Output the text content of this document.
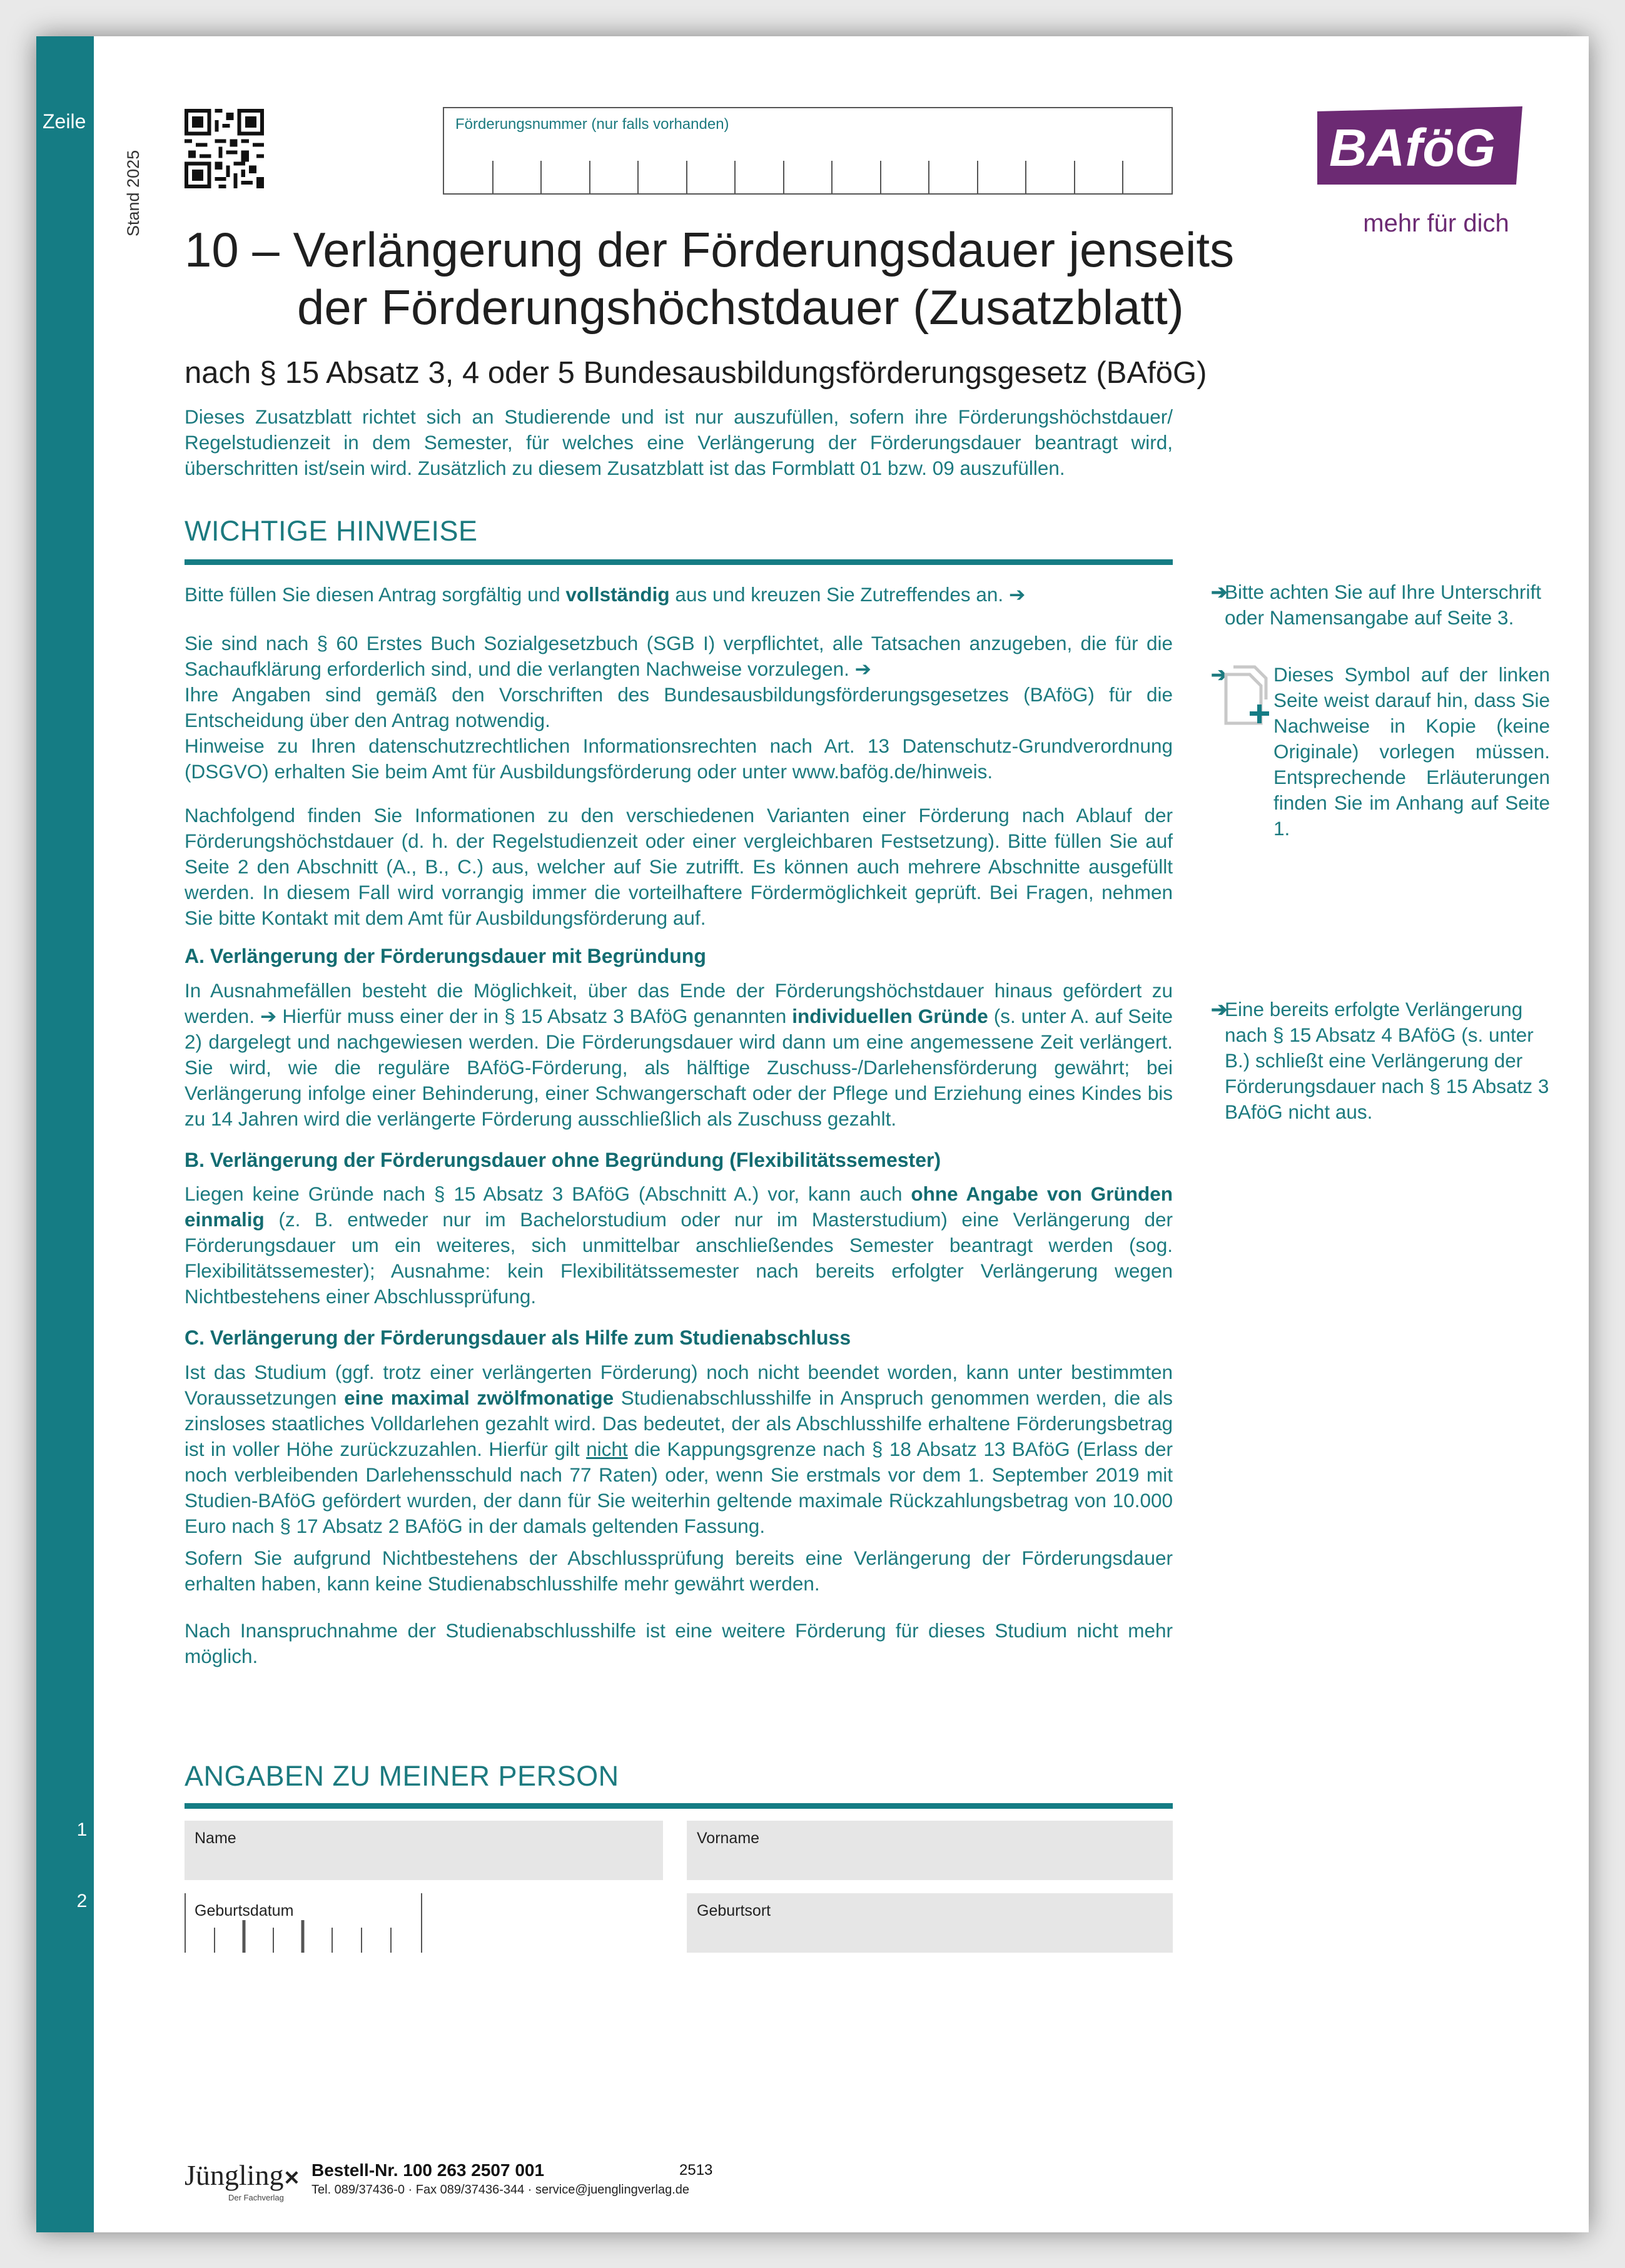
Zeile
1
2
Stand 2025
Förderungsnummer (nur falls vorhanden)	BAföG
mehr für dich
10 – Verlängerung der Förderungsdauer jenseits
der Förderungshöchstdauer (Zusatzblatt)
nach § 15 Absatz 3, 4 oder 5 Bundesausbildungsförderungsgesetz (BAföG)
Dieses Zusatzblatt richtet sich an Studierende und ist nur auszufüllen, sofern ihre Förderungshöchstdauer/ Regelstudienzeit in dem Semester, für welches eine Verlängerung der Förderungsdauer beantragt wird, überschritten ist/sein wird. Zusätzlich zu diesem Zusatzblatt ist das Formblatt 01 bzw. 09 auszufüllen.
WICHTIGE HINWEISE
Bitte füllen Sie diesen Antrag sorgfältig und vollständig aus und kreuzen Sie Zutreffendes an. ➔
Sie sind nach § 60 Erstes Buch Sozialgesetzbuch (SGB I) verpflichtet, alle Tatsachen anzugeben, die für die Sachaufklärung erforderlich sind, und die verlangten Nachweise vorzulegen. ➔
Ihre Angaben sind gemäß den Vorschriften des Bundesausbildungsförderungsgesetzes (BAföG) für die Entscheidung über den Antrag notwendig.
Hinweise zu Ihren datenschutzrechtlichen Informationsrechten nach Art. 13 Datenschutz-Grundverordnung (DSGVO) erhalten Sie beim Amt für Ausbildungsförderung oder unter www.bafög.de/hinweis.
Nachfolgend finden Sie Informationen zu den verschiedenen Varianten einer Förderung nach Ablauf der Förderungshöchstdauer (d. h. der Regelstudienzeit oder einer vergleichbaren Festsetzung). Bitte füllen Sie auf Seite 2 den Abschnitt (A., B., C.) aus, welcher auf Sie zutrifft. Es können auch mehrere Abschnitte ausgefüllt werden. In diesem Fall wird vorrangig immer die vorteilhaftere Fördermöglichkeit geprüft. Bei Fragen, nehmen Sie bitte Kontakt mit dem Amt für Ausbildungsförderung auf.
A. Verlängerung der Förderungsdauer mit Begründung
In Ausnahmefällen besteht die Möglichkeit, über das Ende der Förderungshöchstdauer hinaus gefördert zu werden. ➔ Hierfür muss einer der in § 15 Absatz 3 BAföG genannten individuellen Gründe (s. unter A. auf Seite 2) dargelegt und nachgewiesen werden. Die Förderungsdauer wird dann um eine angemessene Zeit verlängert. Sie wird, wie die reguläre BAföG-Förderung, als hälftige Zuschuss-/Darlehensförderung gewährt; bei Verlängerung infolge einer Behinderung, einer Schwangerschaft oder der Pflege und Erziehung eines Kindes bis zu 14 Jahren wird die verlängerte Förderung ausschließlich als Zuschuss gezahlt.
B. Verlängerung der Förderungsdauer ohne Begründung (Flexibilitätssemester)
Liegen keine Gründe nach § 15 Absatz 3 BAföG (Abschnitt A.) vor, kann auch ohne Angabe von Gründen einmalig (z. B. entweder nur im Bachelorstudium oder nur im Masterstudium) eine Verlängerung der Förderungsdauer um ein weiteres, sich unmittelbar anschließendes Semester beantragt werden (sog. Flexibilitätssemester); Ausnahme: kein Flexibilitätssemester nach bereits erfolgter Verlängerung wegen Nichtbestehens einer Abschlussprüfung.
C. Verlängerung der Förderungsdauer als Hilfe zum Studienabschluss
Ist das Studium (ggf. trotz einer verlängerten Förderung) noch nicht beendet worden, kann unter bestimmten Voraussetzungen eine maximal zwölfmonatige Studienabschlusshilfe in Anspruch genommen werden, die als zinsloses staatliches Volldarlehen gezahlt wird. Das bedeutet, der als Abschlusshilfe erhaltene Förderungsbetrag ist in voller Höhe zurückzuzahlen. Hierfür gilt nicht die Kappungsgrenze nach § 18 Absatz 13 BAföG (Erlass der noch verbleibenden Darlehensschuld nach 77 Raten) oder, wenn Sie erstmals vor dem 1. September 2019 mit Studien-BAföG gefördert wurden, der dann für Sie weiterhin geltende maximale Rückzahlungsbetrag von 10.000 Euro nach § 17 Absatz 2 BAföG in der damals geltenden Fassung.
Sofern Sie aufgrund Nichtbestehens der Abschlussprüfung bereits eine Verlängerung der Förderungsdauer erhalten haben, kann keine Studienabschlusshilfe mehr gewährt werden.
Nach Inanspruchnahme der Studienabschlusshilfe ist eine weitere Förderung für dieses Studium nicht mehr möglich.
➔
Bitte achten Sie auf Ihre Unterschrift oder Namensangabe auf Seite 3.
➔ Dieses Symbol auf der linken Seite weist darauf hin, dass Sie Nachweise in Kopie (keine Originale) vorlegen müssen. Entsprechende Erläuterungen finden Sie im Anhang auf Seite 1.
➔
Eine bereits erfolgte Verlängerung nach § 15 Absatz 4 BAföG (s. unter B.) schließt eine Verlängerung der Förderungsdauer nach § 15 Absatz 3 BAföG nicht aus.
ANGABEN ZU MEINER PERSON
Name	Vorname
Geburtsdatum	Geburtsort
Jüngling ✕
Der Fachverlag
Bestell-Nr. 100 263 2507 001	2513
Tel. 089/37436-0 · Fax 089/37436-344 · service@juenglingverlag.de
